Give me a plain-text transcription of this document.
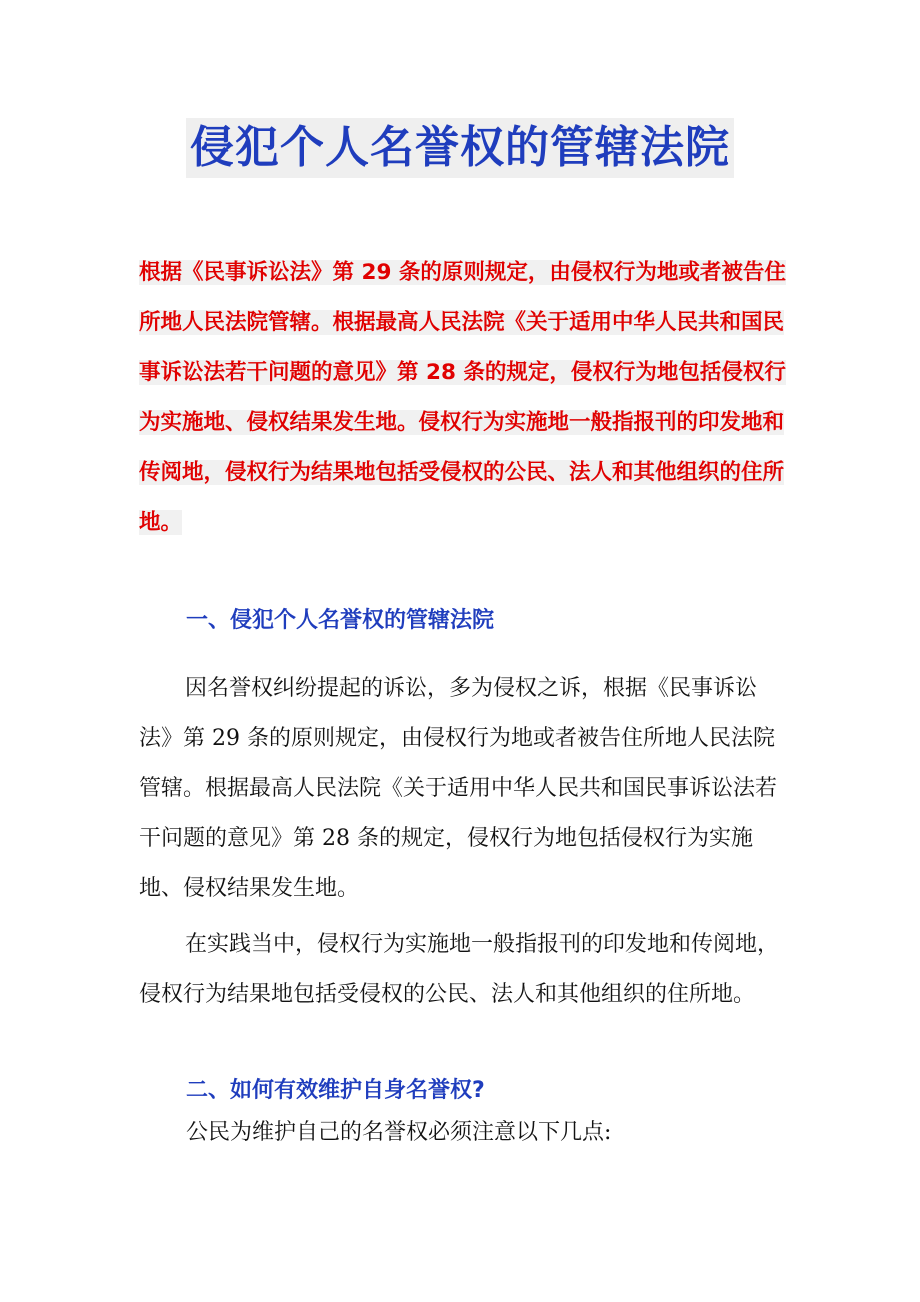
侵犯个人名誉权的管辖法院

根据《民事诉讼法》第 29 条的原则规定，由侵权行为地或者被告住所地人民法院管辖。根据最高人民法院《关于适用中华人民共和国民事诉讼法若干问题的意见》第 28 条的规定，侵权行为地包括侵权行为实施地、侵权结果发生地。侵权行为实施地一般指报刊的印发地和传阅地，侵权行为结果地包括受侵权的公民、法人和其他组织的住所地。

一、侵犯个人名誉权的管辖法院

因名誉权纠纷提起的诉讼，多为侵权之诉，根据《民事诉讼法》第 29 条的原则规定，由侵权行为地或者被告住所地人民法院管辖。根据最高人民法院《关于适用中华人民共和国民事诉讼法若干问题的意见》第 28 条的规定，侵权行为地包括侵权行为实施地、侵权结果发生地。

在实践当中，侵权行为实施地一般指报刊的印发地和传阅地，侵权行为结果地包括受侵权的公民、法人和其他组织的住所地。

二、如何有效维护自身名誉权?

公民为维护自己的名誉权必须注意以下几点:
